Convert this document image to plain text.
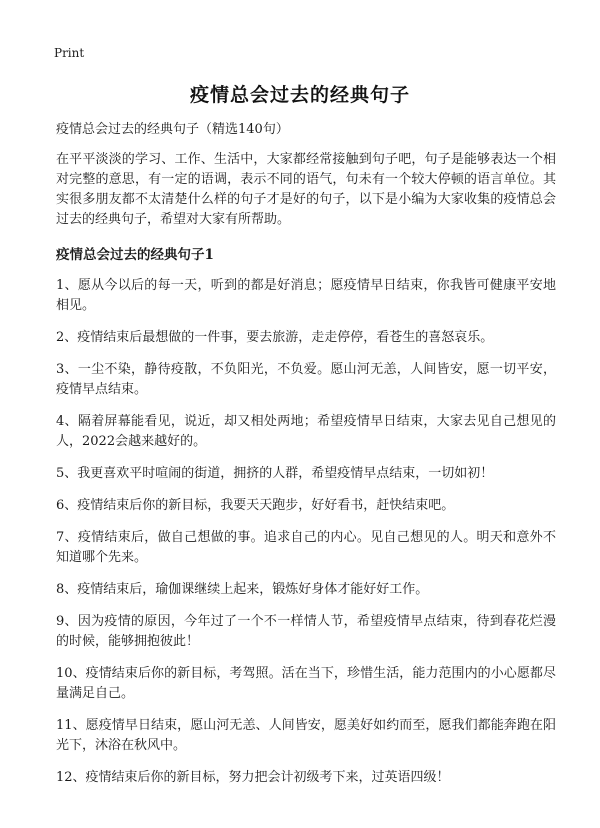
Print
疫情总会过去的经典句子

疫情总会过去的经典句子（精选140句）

在平平淡淡的学习、工作、生活中，大家都经常接触到句子吧，句子是能够表达一个相对完整的意思，有一定的语调，表示不同的语气，句未有一个较大停顿的语言单位。其实很多朋友都不太清楚什么样的句子才是好的句子，以下是小编为大家收集的疫情总会过去的经典句子，希望对大家有所帮助。

疫情总会过去的经典句子1

1、愿从今以后的每一天，听到的都是好消息；愿疫情早日结束，你我皆可健康平安地相见。

2、疫情结束后最想做的一件事，要去旅游，走走停停，看苍生的喜怒哀乐。

3、一尘不染，静待疫散，不负阳光，不负爱。愿山河无恙，人间皆安，愿一切平安，疫情早点结束。

4、隔着屏幕能看见，说近，却又相处两地；希望疫情早日结束，大家去见自己想见的人，2022会越来越好的。

5、我更喜欢平时喧闹的街道，拥挤的人群，希望疫情早点结束，一切如初！

6、疫情结束后你的新目标，我要天天跑步，好好看书，赶快结束吧。

7、疫情结束后，做自己想做的事。追求自己的内心。见自己想见的人。明天和意外不知道哪个先来。

8、疫情结束后，瑜伽课继续上起来，锻炼好身体才能好好工作。

9、因为疫情的原因，今年过了一个不一样情人节，希望疫情早点结束，待到春花烂漫的时候，能够拥抱彼此！

10、疫情结束后你的新目标，考驾照。活在当下，珍惜生活，能力范围内的小心愿都尽量满足自己。

11、愿疫情早日结束，愿山河无恙、人间皆安，愿美好如约而至，愿我们都能奔跑在阳光下，沐浴在秋风中。

12、疫情结束后你的新目标，努力把会计初级考下来，过英语四级！
